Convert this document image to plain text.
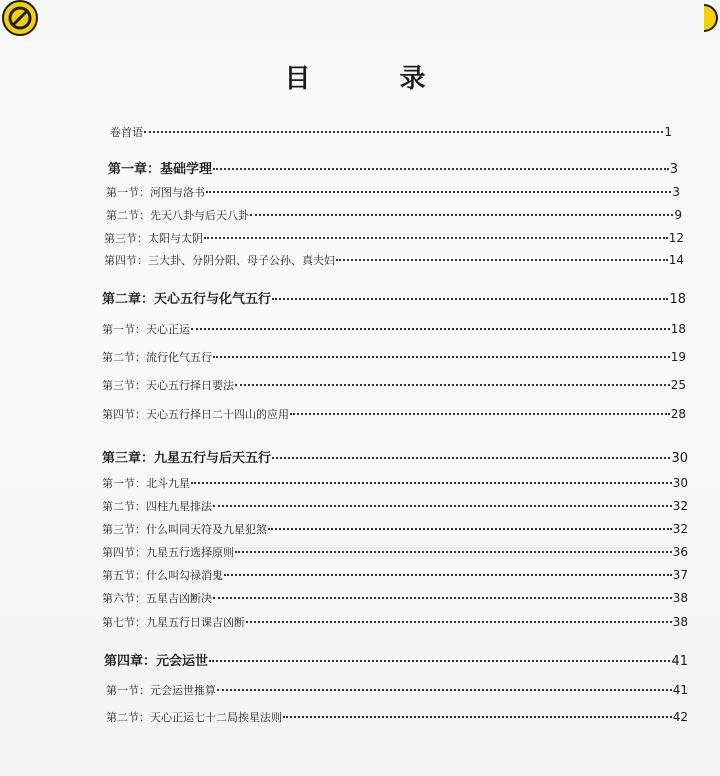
目 录
卷首语	1
第一章：基础学理	3
第一节：河图与洛书	3
第二节：先天八卦与后天八卦	9
第三节：太阳与太阴	12
第四节：三大卦、分阴分阳、母子公孙、真夫妇	14
第二章：天心五行与化气五行	18
第一节：天心正运	18
第二节：流行化气五行	19
第三节：天心五行择日要法	25
第四节：天心五行择日二十四山的应用	28
第三章：九星五行与后天五行	30
第一节：北斗九星	30
第二节：四柱九星排法	32
第三节：什么叫同天符及九星犯煞	32
第四节：九星五行选择原则	36
第五节：什么叫勾禄消鬼	37
第六节：五星吉凶断决	38
第七节：九星五行日课吉凶断	38
第四章：元会运世	41
第一节：元会运世推算	41
第二节：天心正运七十二局挨星法则	42
